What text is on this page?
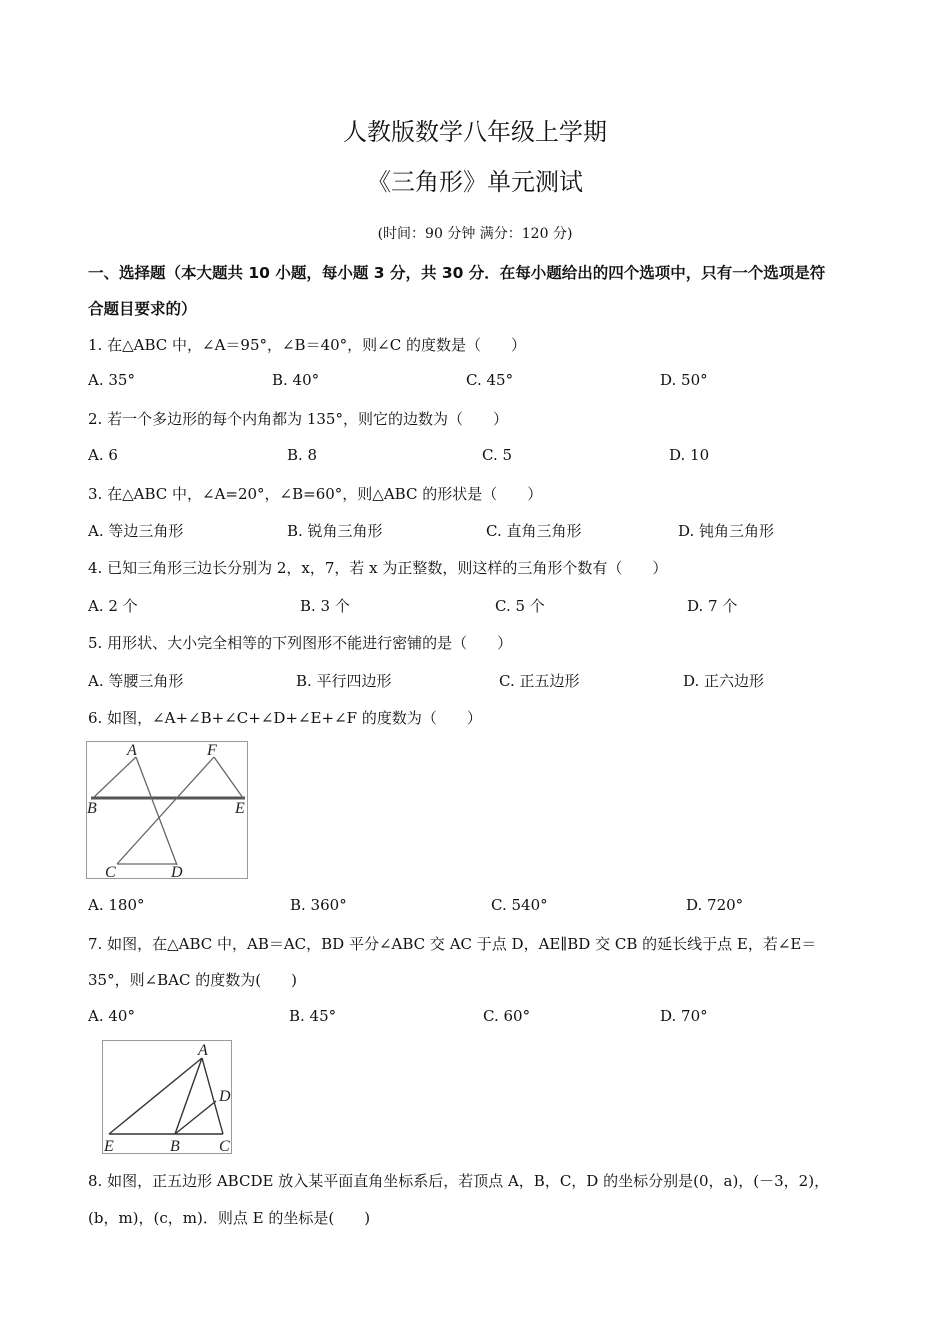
人教版数学八年级上学期
《三角形》单元测试
(时间：90 分钟 满分：120 分)
一、选择题（本大题共 10 小题，每小题 3 分，共 30 分．在每小题给出的四个选项中，只有一个选项是符
合题目要求的）
1. 在△ABC 中，∠A＝95°，∠B＝40°，则∠C 的度数是（　　）
A. 35°	B. 40°	C. 45°	D. 50°
2. 若一个多边形的每个内角都为 135°，则它的边数为（　　）
A. 6	B. 8	C. 5	D. 10
3. 在△ABC 中，∠A=20°，∠B=60°，则△ABC 的形状是（　　）
A. 等边三角形	B. 锐角三角形	C. 直角三角形	D. 钝角三角形
4. 已知三角形三边长分别为 2，x，7，若 x 为正整数，则这样的三角形个数有（　　）
A. 2 个	B. 3 个	C. 5 个	D. 7 个
5. 用形状、大小完全相等的下列图形不能进行密铺的是（　　）
A. 等腰三角形	B. 平行四边形	C. 正五边形	D. 正六边形
6. 如图，∠A+∠B+∠C+∠D+∠E+∠F 的度数为（　　）
A	F
B	E
C	D
A. 180°	B. 360°	C. 540°	D. 720°
7. 如图，在△ABC 中，AB＝AC，BD 平分∠ABC 交 AC 于点 D，AE∥BD 交 CB 的延长线于点 E，若∠E＝
35°，则∠BAC 的度数为(　　)
A. 40°	B. 45°	C. 60°	D. 70°
A
D
E	B C
8. 如图，正五边形 ABCDE 放入某平面直角坐标系后，若顶点 A，B，C，D 的坐标分别是(0，a)，(－3，2)，
(b，m)，(c，m)．则点 E 的坐标是(　　)
